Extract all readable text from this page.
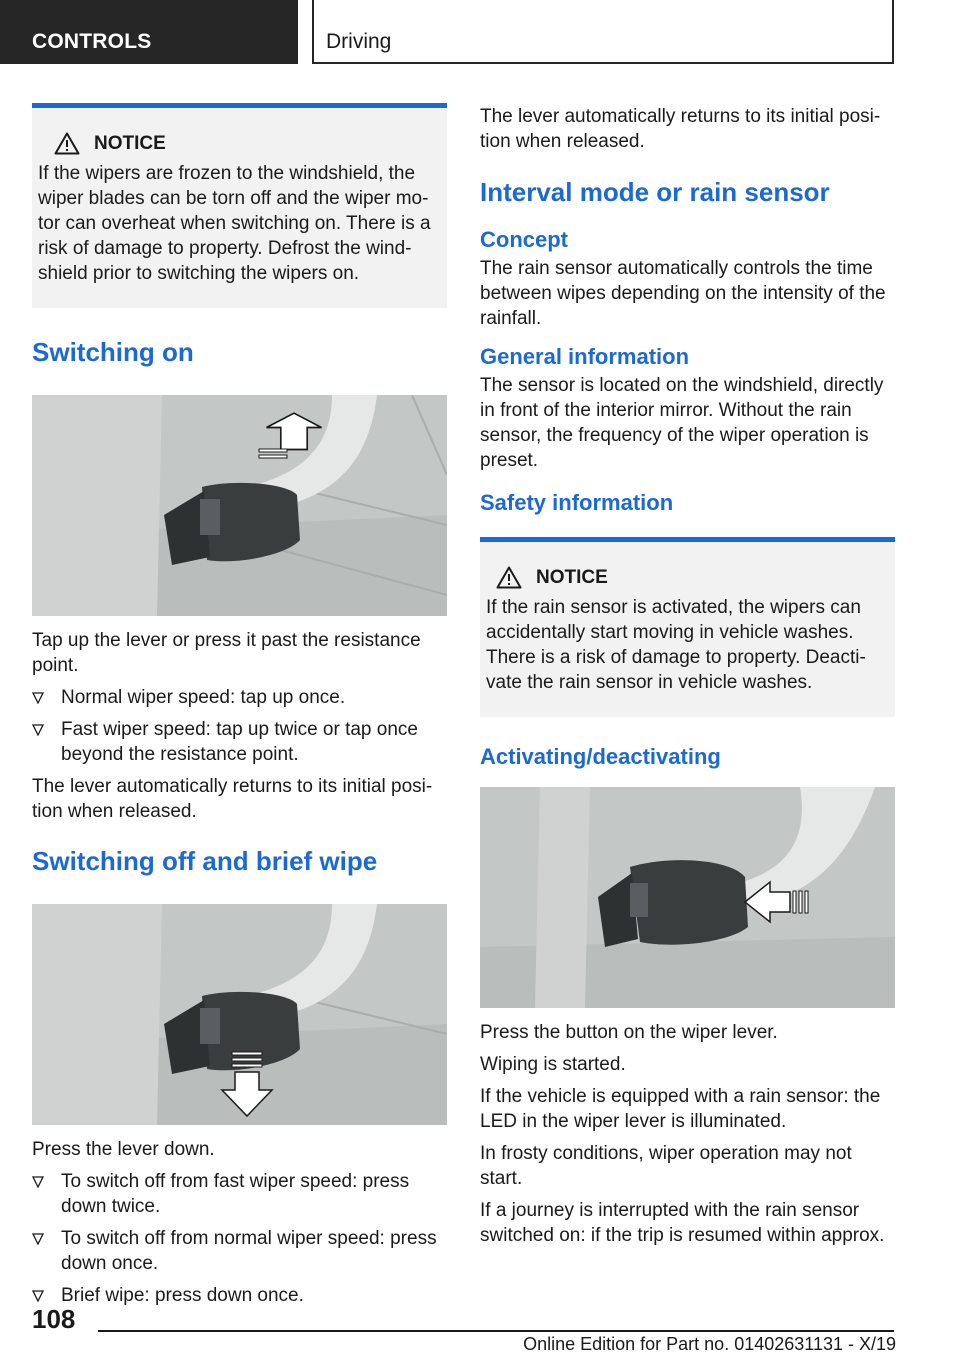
CONTROLS	Driving
NOTICE

If the wipers are frozen to the windshield, the wiper blades can be torn off and the wiper mo‐ tor can overheat when switching on. There is a risk of damage to property. Defrost the wind‐ shield prior to switching the wipers on.

Switching on

Tap up the lever or press it past the resistance point.

Normal wiper speed: tap up once.
Fast wiper speed: tap up twice or tap once beyond the resistance point.

The lever automatically returns to its initial posi‐ tion when released.

Switching off and brief wipe

Press the lever down.

To switch off from fast wiper speed: press down twice.
To switch off from normal wiper speed: press down once.
Brief wipe: press down once.

The lever automatically returns to its initial posi‐ tion when released.

Interval mode or rain sensor
Concept

The rain sensor automatically controls the time between wipes depending on the intensity of the rainfall.

General information

The sensor is located on the windshield, directly in front of the interior mirror. Without the rain sensor, the frequency of the wiper operation is preset.

Safety information
NOTICE

If the rain sensor is activated, the wipers can accidentally start moving in vehicle washes. There is a risk of damage to property. Deacti‐ vate the rain sensor in vehicle washes.

Activating/deactivating

Press the button on the wiper lever.

Wiping is started.

If the vehicle is equipped with a rain sensor: the LED in the wiper lever is illuminated.

In frosty conditions, wiper operation may not start.

If a journey is interrupted with the rain sensor switched on: if the trip is resumed within approx.

108
Online Edition for Part no. 01402631131 - X/19
